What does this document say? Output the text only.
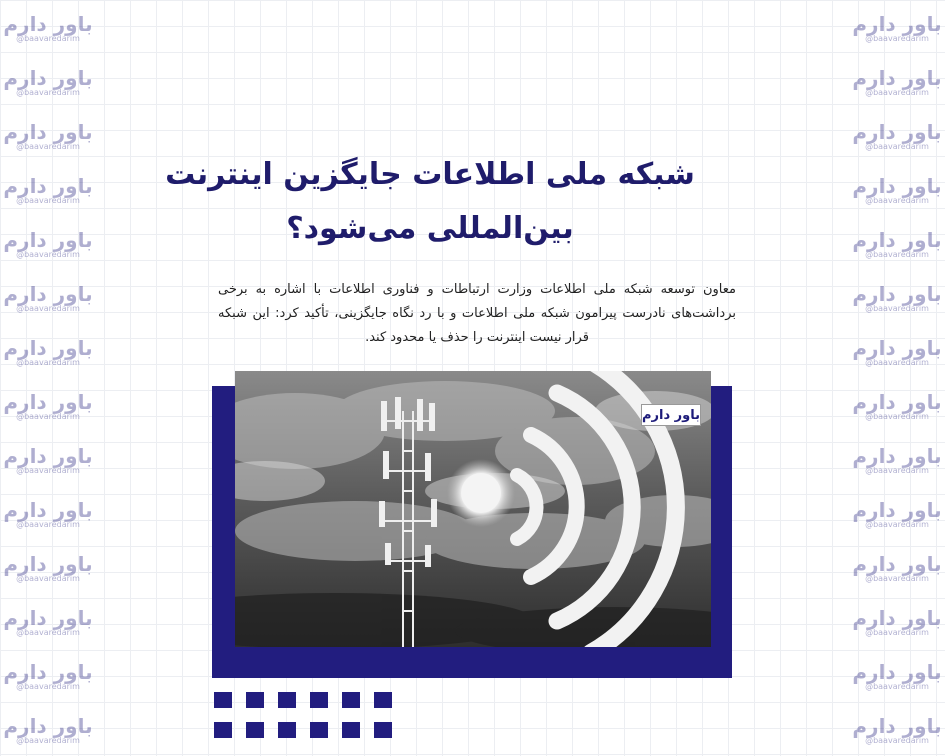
باور دارم
@baavaredarim
باور دارم
@baavaredarim
باور دارم
@baavaredarim
باور دارم
@baavaredarim
باور دارم
@baavaredarim
باور دارم
@baavaredarim
باور دارم
@baavaredarim
باور دارم
@baavaredarim
باور دارم
@baavaredarim
باور دارم
@baavaredarim
باور دارم
@baavaredarim
باور دارم
@baavaredarim
باور دارم
@baavaredarim
باور دارم
@baavaredarim
باور دارم
@baavaredarim
باور دارم
@baavaredarim
باور دارم
@baavaredarim
باور دارم
@baavaredarim
باور دارم
@baavaredarim
باور دارم
@baavaredarim
باور دارم
@baavaredarim
باور دارم
@baavaredarim
باور دارم
@baavaredarim
باور دارم
@baavaredarim
باور دارم
@baavaredarim
باور دارم
@baavaredarim
باور دارم
@baavaredarim
باور دارم
@baavaredarim
شبکه ملی اطلاعات جایگزین اینترنت
بین‌المللی می‌شود؟
معاون توسعه شبکه ملی اطلاعات وزارت ارتباطات و فناوری اطلاعات با اشاره به برخی برداشت‌های نادرست پیرامون شبکه ملی اطلاعات و با رد نگاه جایگزینی، تأکید کرد: این شبکه قرار نیست اینترنت را حذف یا محدود کند.
باور دارم
